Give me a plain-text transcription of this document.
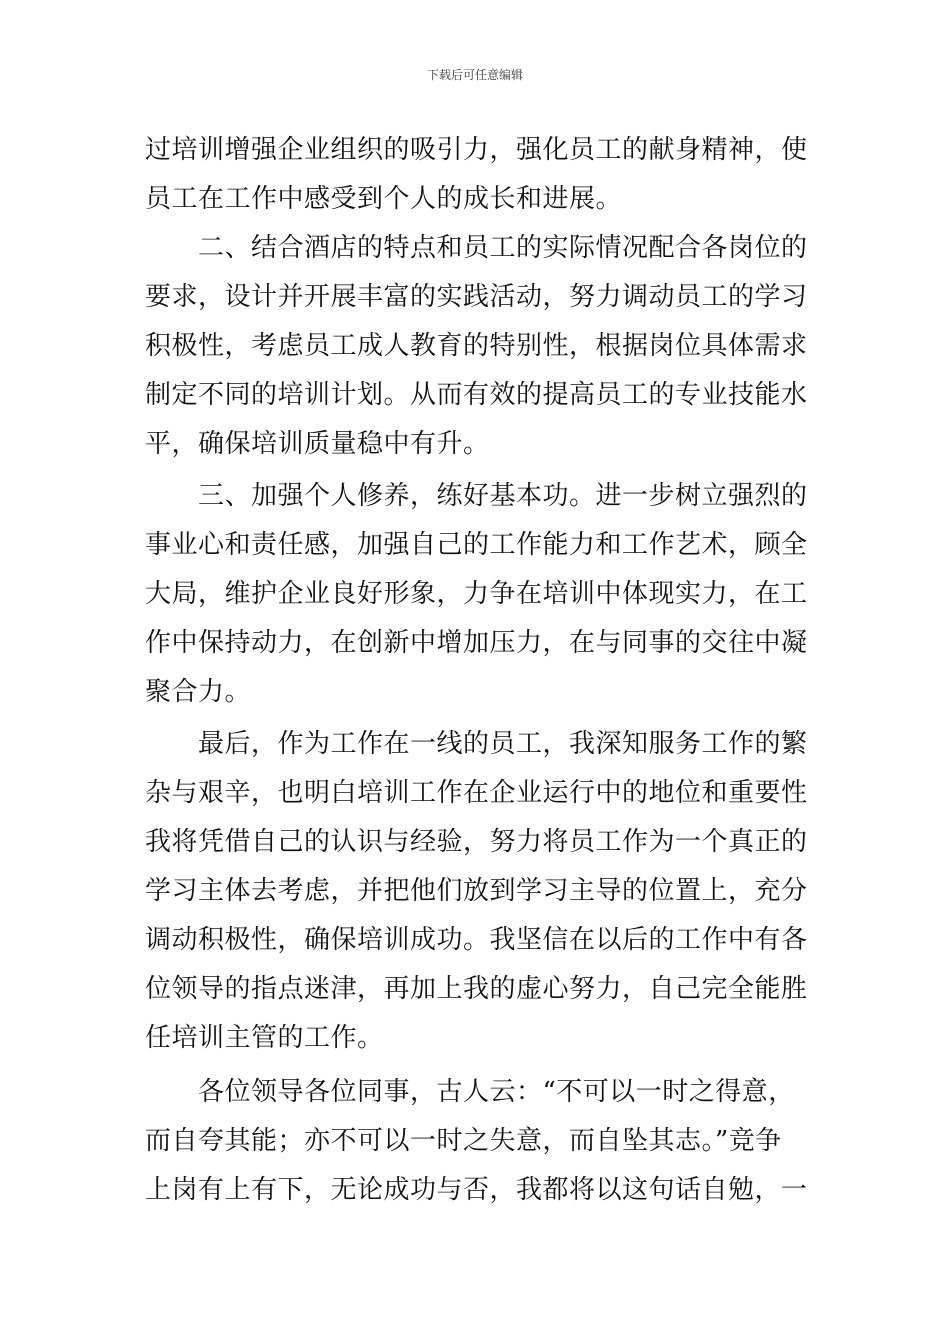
下载后可任意编辑
过培训增强企业组织的吸引力，强化员工的献身精神，使
员工在工作中感受到个人的成长和进展。
　　二、结合酒店的特点和员工的实际情况配合各岗位的
要求，设计并开展丰富的实践活动，努力调动员工的学习
积极性，考虑员工成人教育的特别性，根据岗位具体需求
制定不同的培训计划。从而有效的提高员工的专业技能水
平，确保培训质量稳中有升。
　　三、加强个人修养，练好基本功。进一步树立强烈的
事业心和责任感，加强自己的工作能力和工作艺术，顾全
大局，维护企业良好形象，力争在培训中体现实力，在工
作中保持动力，在创新中增加压力，在与同事的交往中凝
聚合力。
　　最后，作为工作在一线的员工，我深知服务工作的繁
杂与艰辛，也明白培训工作在企业运行中的地位和重要性
我将凭借自己的认识与经验，努力将员工作为一个真正的
学习主体去考虑，并把他们放到学习主导的位置上，充分
调动积极性，确保培训成功。我坚信在以后的工作中有各
位领导的指点迷津，再加上我的虚心努力，自己完全能胜
任培训主管的工作。
　　各位领导各位同事，古人云：“不可以一时之得意，
而自夸其能；亦不可以一时之失意，而自坠其志。”竞争
上岗有上有下，无论成功与否，我都将以这句话自勉，一
